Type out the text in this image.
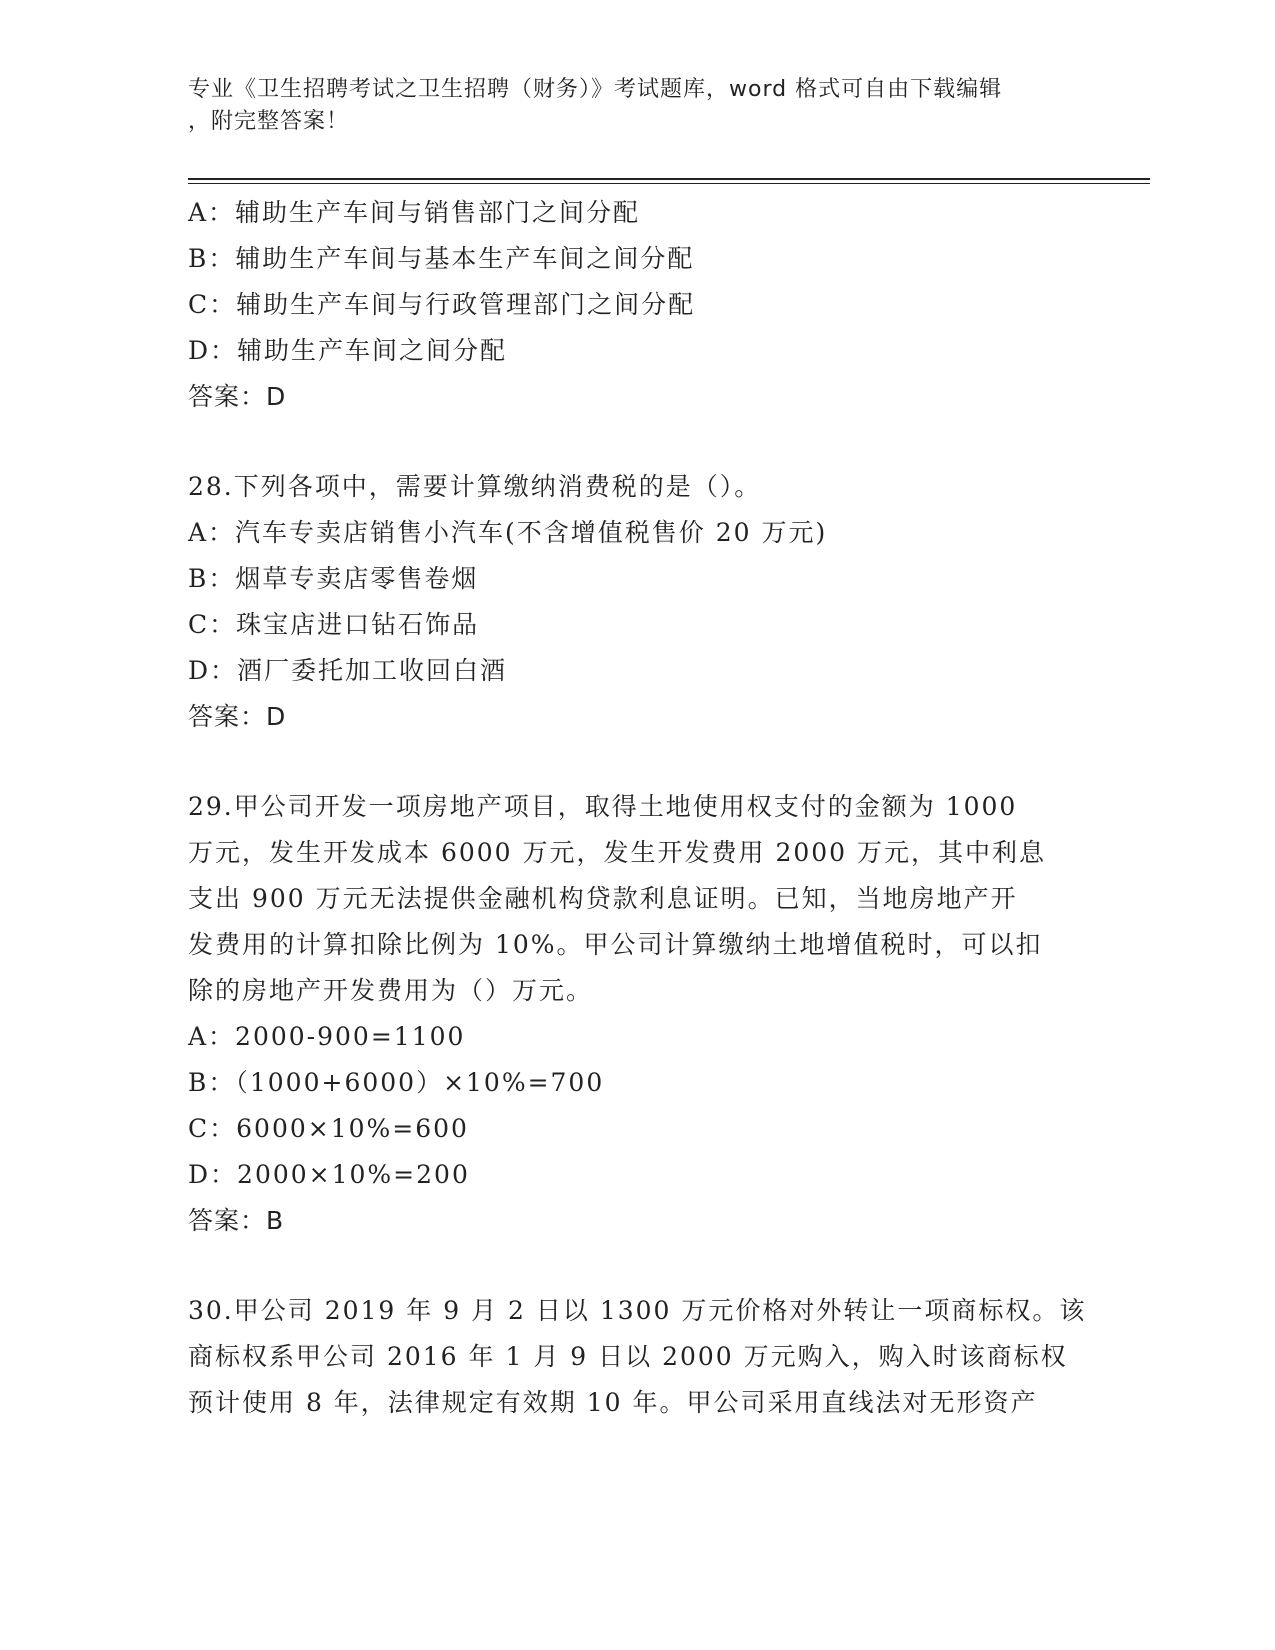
专业《卫生招聘考试之卫生招聘（财务）》考试题库，word 格式可自由下载编辑
，附完整答案！

A：辅助生产车间与销售部门之间分配

B：辅助生产车间与基本生产车间之间分配

C：辅助生产车间与行政管理部门之间分配

D：辅助生产车间之间分配

答案：D

28.下列各项中，需要计算缴纳消费税的是（）。

A：汽车专卖店销售小汽车(不含增值税售价 20 万元)

B：烟草专卖店零售卷烟

C：珠宝店进口钻石饰品

D：酒厂委托加工收回白酒

答案：D

29.甲公司开发一项房地产项目，取得土地使用权支付的金额为 1000

万元，发生开发成本 6000 万元，发生开发费用 2000 万元，其中利息

支出 900 万元无法提供金融机构贷款利息证明。已知，当地房地产开

发费用的计算扣除比例为 10%。甲公司计算缴纳土地增值税时，可以扣

除的房地产开发费用为（）万元。

A：2000-900=1100

B：（1000+6000）×10%=700

C：6000×10%=600

D：2000×10%=200

答案：B

30.甲公司 2019 年 9 月 2 日以 1300 万元价格对外转让一项商标权。该

商标权系甲公司 2016 年 1 月 9 日以 2000 万元购入，购入时该商标权

预计使用 8 年，法律规定有效期 10 年。甲公司采用直线法对无形资产
